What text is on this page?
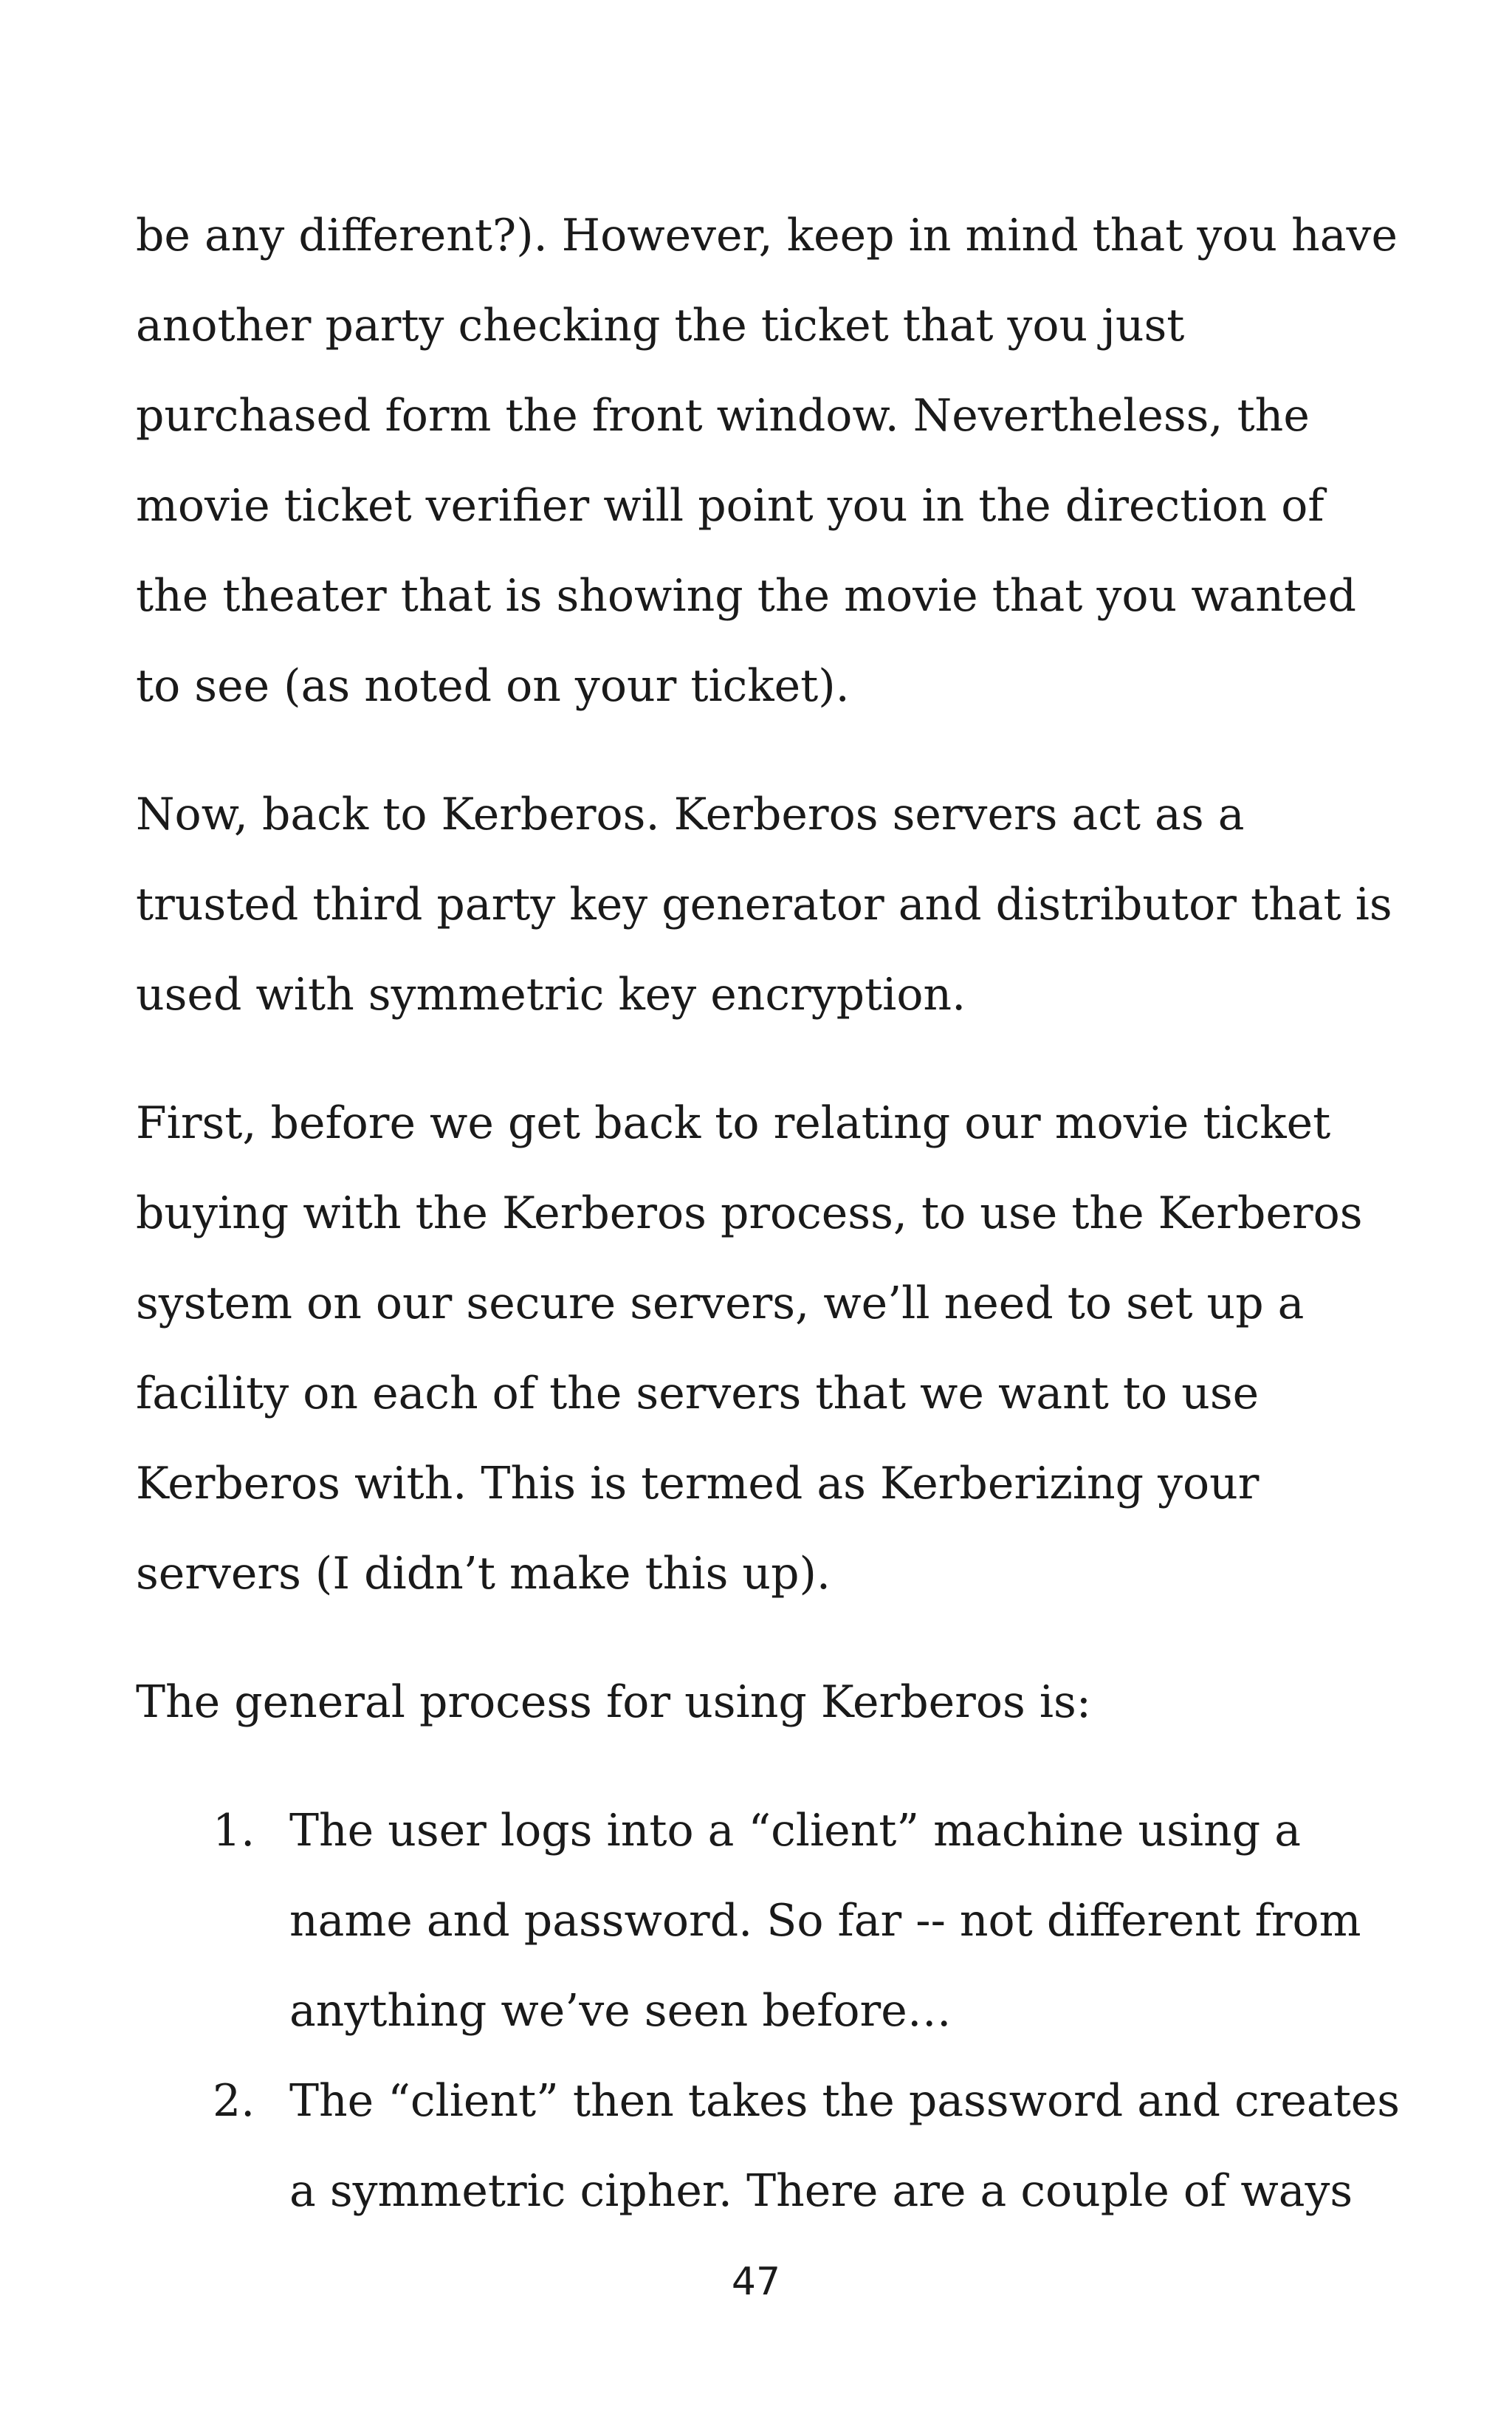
be any different?). However, keep in mind that you have
another party checking the ticket that you just
purchased form the front window. Nevertheless, the
movie ticket verifier will point you in the direction of
the theater that is showing the movie that you wanted
to see (as noted on your ticket).
Now, back to Kerberos. Kerberos servers act as a
trusted third party key generator and distributor that is
used with symmetric key encryption.
First, before we get back to relating our movie ticket
buying with the Kerberos process, to use the Kerberos
system on our secure servers, we’ll need to set up a
facility on each of the servers that we want to use
Kerberos with. This is termed as Kerberizing your
servers (I didn’t make this up).
The general process for using Kerberos is:
1. The user logs into a “client” machine using a
name and password. So far -- not different from
anything we’ve seen before…
2. The “client” then takes the password and creates
a symmetric cipher. There are a couple of ways
47
